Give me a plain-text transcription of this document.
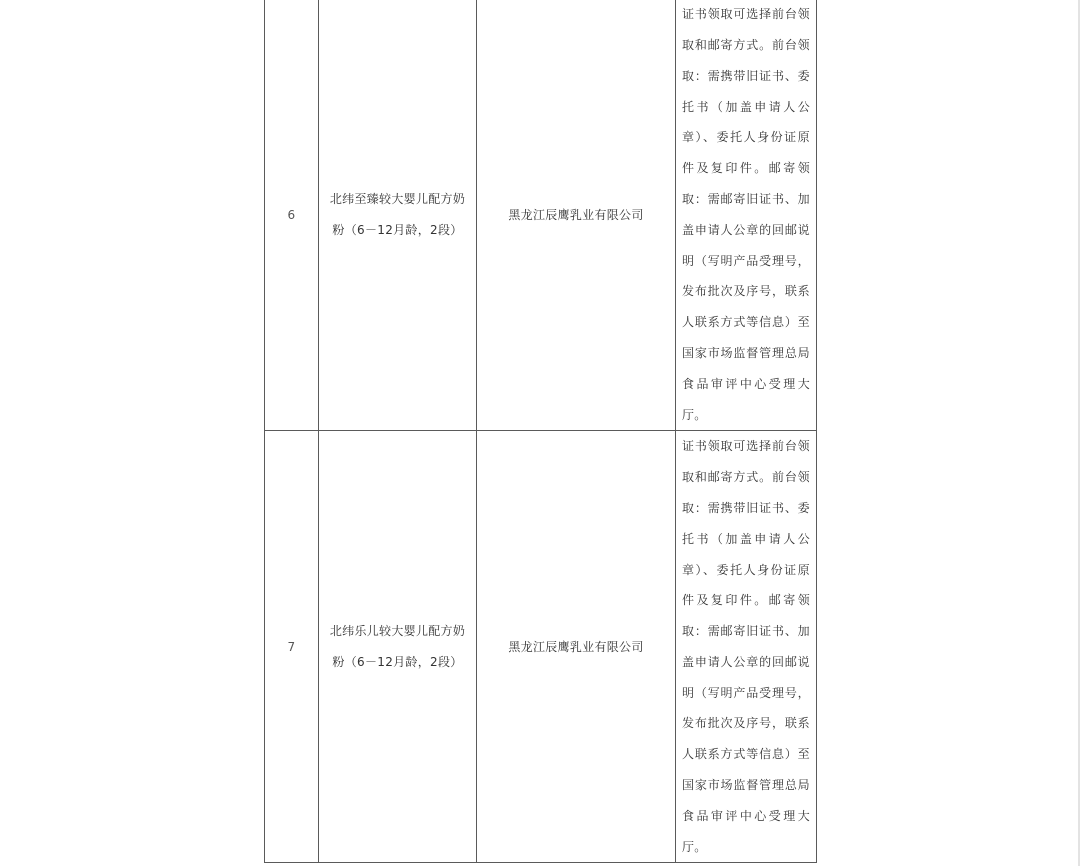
6	北纬至臻较大婴儿配方奶粉（6－12月龄，2段）	黑龙江辰鹰乳业有限公司	证书领取可选择前台领取和邮寄方式。前台领取：需携带旧证书、委托书（加盖申请人公章）、委托人身份证原件及复印件。邮寄领取：需邮寄旧证书、加盖申请人公章的回邮说明（写明产品受理号，发布批次及序号，联系人联系方式等信息）至国家市场监督管理总局食品审评中心受理大厅。

7	北纬乐儿较大婴儿配方奶粉（6－12月龄，2段）	黑龙江辰鹰乳业有限公司	证书领取可选择前台领取和邮寄方式。前台领取：需携带旧证书、委托书（加盖申请人公章）、委托人身份证原件及复印件。邮寄领取：需邮寄旧证书、加盖申请人公章的回邮说明（写明产品受理号，发布批次及序号，联系人联系方式等信息）至国家市场监督管理总局食品审评中心受理大厅。
